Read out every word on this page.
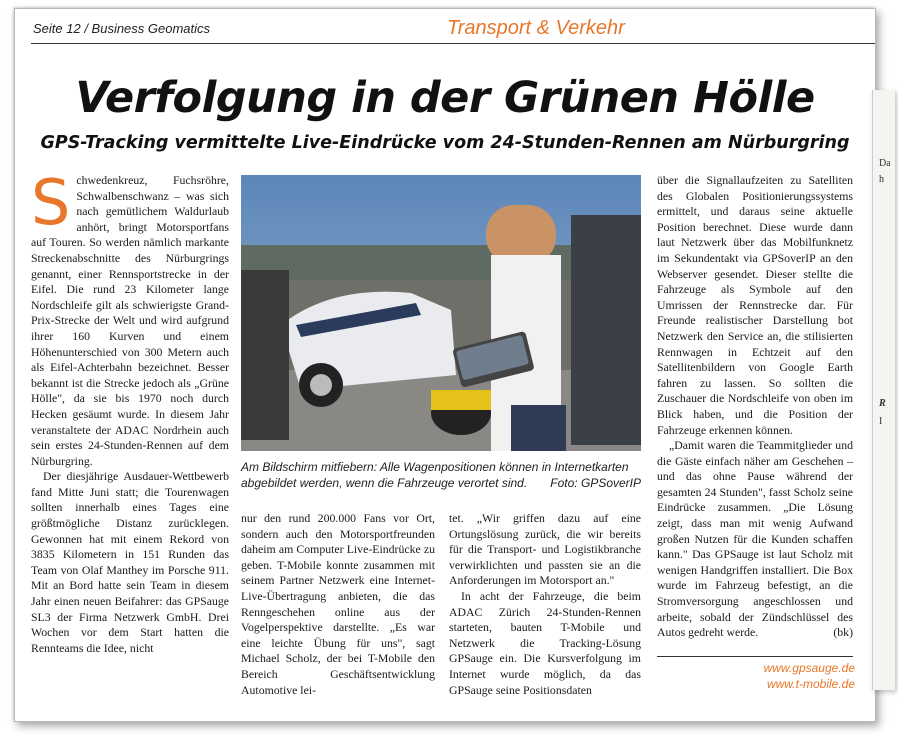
Seite 12 / Business Geomatics	Transport & Verkehr
Verfolgung in der Grünen Hölle
GPS-Tracking vermittelte Live-Eindrücke vom 24-Stunden-Rennen am Nürburgring

Schwedenkreuz, Fuchsröhre, Schwalbenschwanz – was sich nach gemütlichem Waldurlaub anhört, bringt Motorsportfans auf Touren. So werden nämlich markante Streckenabschnitte des Nürburgrings genannt, einer Rennsportstrecke in der Eifel. Die rund 23 Kilometer lange Nordschleife gilt als schwierigste Grand-Prix-Strecke der Welt und wird aufgrund ihrer 160 Kurven und einem Höhenunterschied von 300 Metern auch als Eifel-Achterbahn bezeichnet. Besser bekannt ist die Strecke jedoch als „Grüne Hölle", da sie bis 1970 noch durch Hecken gesäumt wurde. In diesem Jahr veranstaltete der ADAC Nordrhein auch sein erstes 24-Stunden-Rennen auf dem Nürburgring.

Der diesjährige Ausdauer-Wettbewerb fand Mitte Juni statt; die Tourenwagen sollten innerhalb eines Tages eine größtmögliche Distanz zurücklegen. Gewonnen hat mit einem Rekord von 3835 Kilometern in 151 Runden das Team von Olaf Manthey im Porsche 911. Mit an Bord hatte sein Team in diesem Jahr einen neuen Beifahrer: das GPSauge SL3 der Firma Netzwerk GmbH. Drei Wochen vor dem Start hatten die Rennteams die Idee, nicht

Am Bildschirm mitfiebern: Alle Wagenpositionen können in Internetkarten abgebildet werden, wenn die Fahrzeuge verortet sind. Foto: GPSoverIP

nur den rund 200.000 Fans vor Ort, sondern auch den Motorsportfreunden daheim am Computer Live-Eindrücke zu geben. T-Mobile konnte zusammen mit seinem Partner Netzwerk eine Internet-Live-Übertragung anbieten, die das Renngeschehen online aus der Vogelperspektive darstellte. „Es war eine leichte Übung für uns", sagt Michael Scholz, der bei T-Mobile den Bereich Geschäftsentwicklung Automotive lei-

tet. „Wir griffen dazu auf eine Ortungslösung zurück, die wir bereits für die Transport- und Logistikbranche verwirklichten und passten sie an die Anforderungen im Motorsport an."

In acht der Fahrzeuge, die beim ADAC Zürich 24-Stunden-Rennen starteten, bauten T-Mobile und Netzwerk die Tracking-Lösung GPSauge ein. Die Kursverfolgung im Internet wurde möglich, da das GPSauge seine Positionsdaten

über die Signallaufzeiten zu Satelliten des Globalen Positionierungssystems ermittelt, und daraus seine aktuelle Position berechnet. Diese wurde dann laut Netzwerk über das Mobilfunknetz im Sekundentakt via GPSoverIP an den Webserver gesendet. Dieser stellte die Fahrzeuge als Symbole auf den Umrissen der Rennstrecke dar. Für Freunde realistischer Darstellung bot Netzwerk den Service an, die stilisierten Rennwagen in Echtzeit auf den Satellitenbildern von Google Earth fahren zu lassen. So sollten die Zuschauer die Nordschleife von oben im Blick haben, und die Position der Fahrzeuge erkennen können.

„Damit waren die Teammitglieder und die Gäste einfach näher am Geschehen – und das ohne Pause während der gesamten 24 Stunden", fasst Scholz seine Eindrücke zusammen. „Die Lösung zeigt, dass man mit wenig Aufwand großen Nutzen für die Kunden schaffen kann." Das GPSauge ist laut Scholz mit wenigen Handgriffen installiert. Die Box wurde im Fahrzeug befestigt, an die Stromversorgung angeschlossen und arbeite, sobald der Zündschlüssel des Autos gedreht werde.	(bk)

www.gpsauge.de
www.t-mobile.de
Da
h
R
I
